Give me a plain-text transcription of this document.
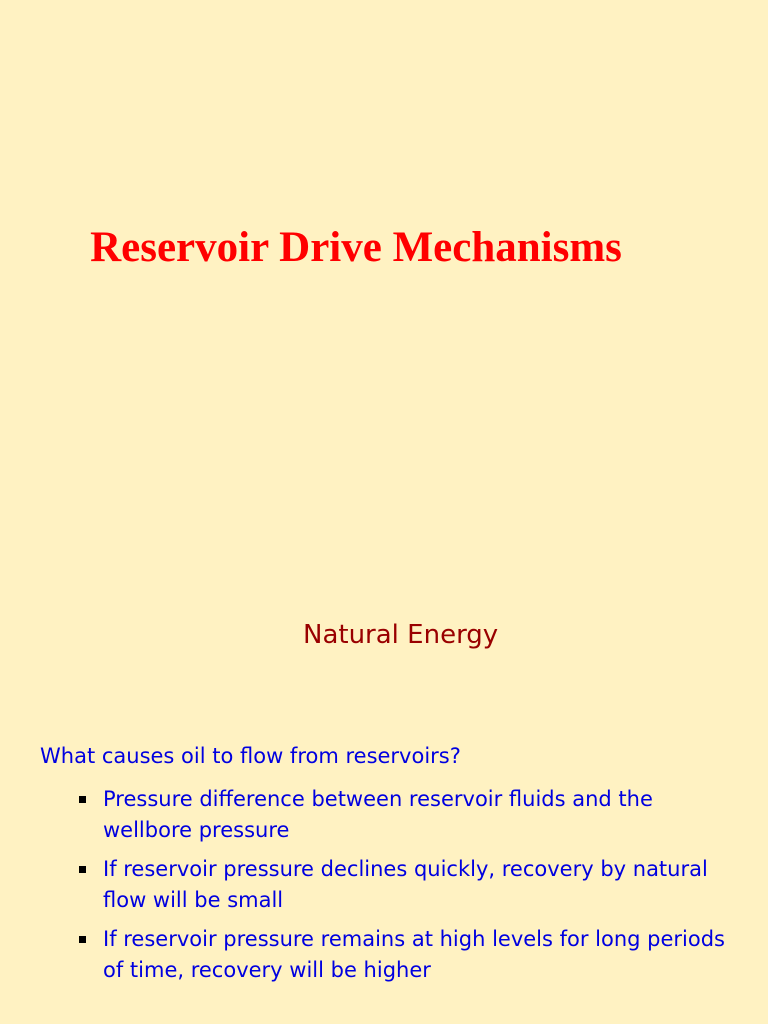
Reservoir Drive Mechanisms
Natural Energy
What causes oil to flow from reservoirs?
Pressure difference between reservoir fluids and the wellbore pressure
If reservoir pressure declines quickly, recovery by natural flow will be small
If reservoir pressure remains at high levels for long periods of time, recovery will be higher
